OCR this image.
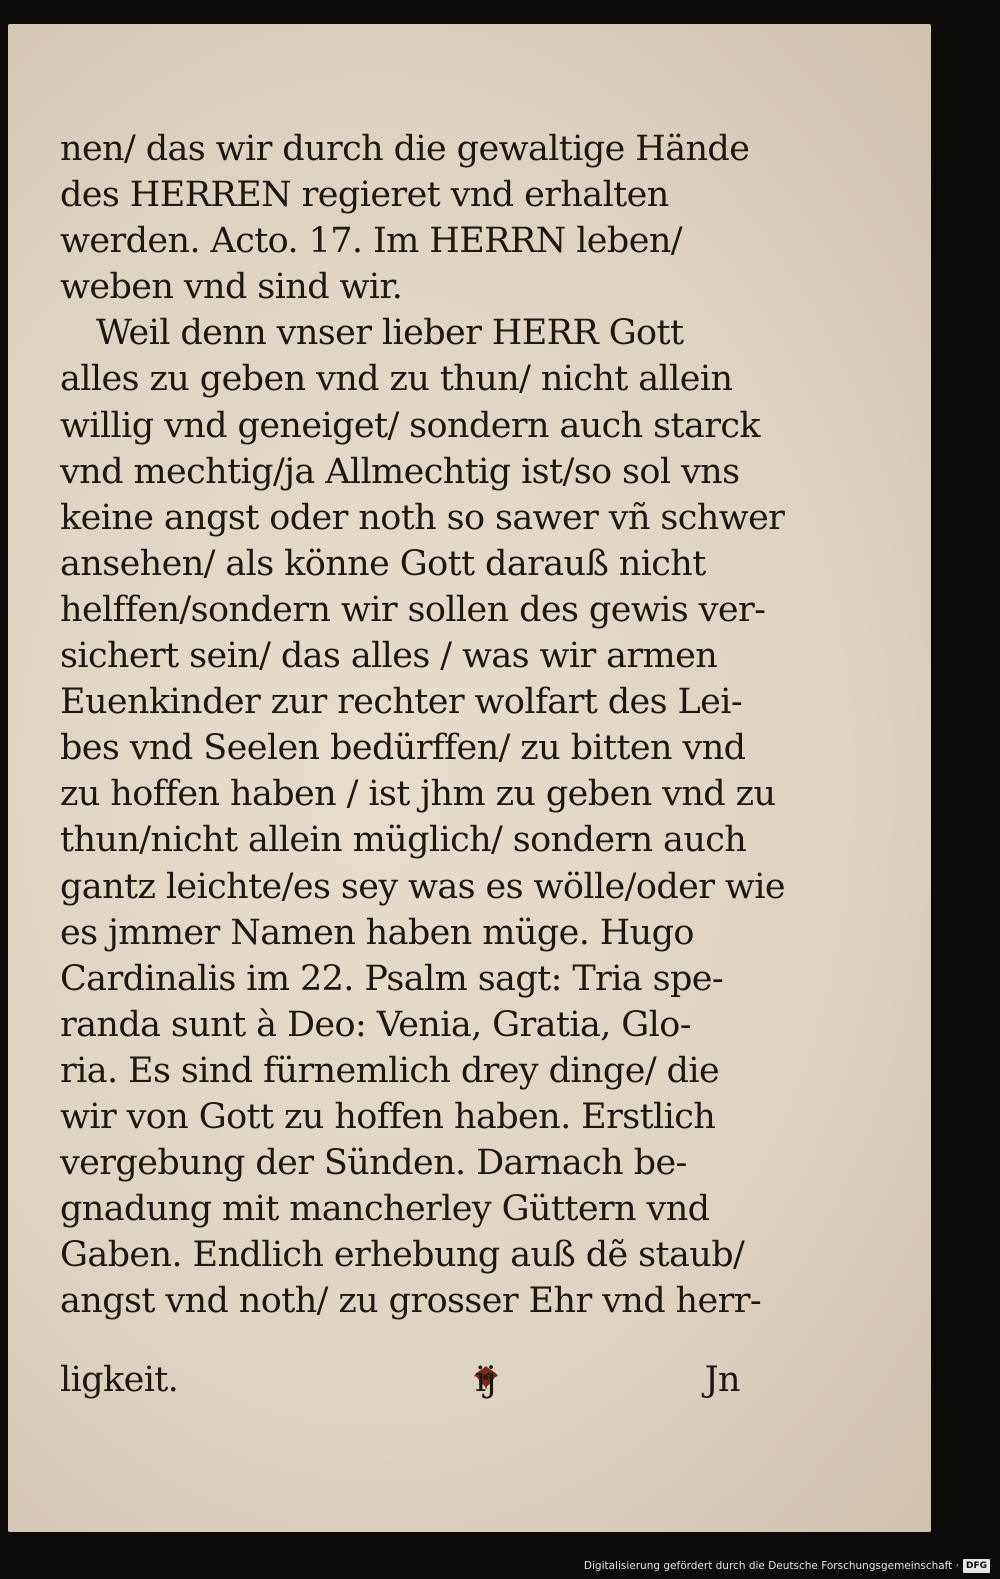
nen/ das wir durch die gewaltige Hände
des HERREN regieret vnd erhalten
werden. Acto. 17. Im HERRN leben/
weben vnd sind wir.
Weil denn vnser lieber HERR Gott
alles zu geben vnd zu thun/ nicht allein
willig vnd geneiget/ sondern auch starck
vnd mechtig/ja Allmechtig ist/so sol vns
keine angst oder noth so sawer vñ schwer
ansehen/ als könne Gott darauß nicht
helffen/sondern wir sollen des gewis ver-
sichert sein/ das alles / was wir armen
Euenkinder zur rechter wolfart des Lei-
bes vnd Seelen bedürffen/ zu bitten vnd
zu hoffen haben / ist jhm zu geben vnd zu
thun/nicht allein müglich/ sondern auch
gantz leichte/es sey was es wölle/oder wie
es jmmer Namen haben müge. Hugo
Cardinalis im 22. Psalm sagt: Tria spe-
randa sunt à Deo: Venia, Gratia, Glo-
ria. Es sind fürnemlich drey dinge/ die
wir von Gott zu hoffen haben. Erstlich
vergebung der Sünden. Darnach be-
gnadung mit mancherley Güttern vnd
Gaben. Endlich erhebung auß dẽ staub/
angst vnd noth/ zu grosser Ehr vnd herr-
ligkeit.	ij	Jn
Digitalisierung gefördert durch die Deutsche Forschungsgemeinschaft · DFG
